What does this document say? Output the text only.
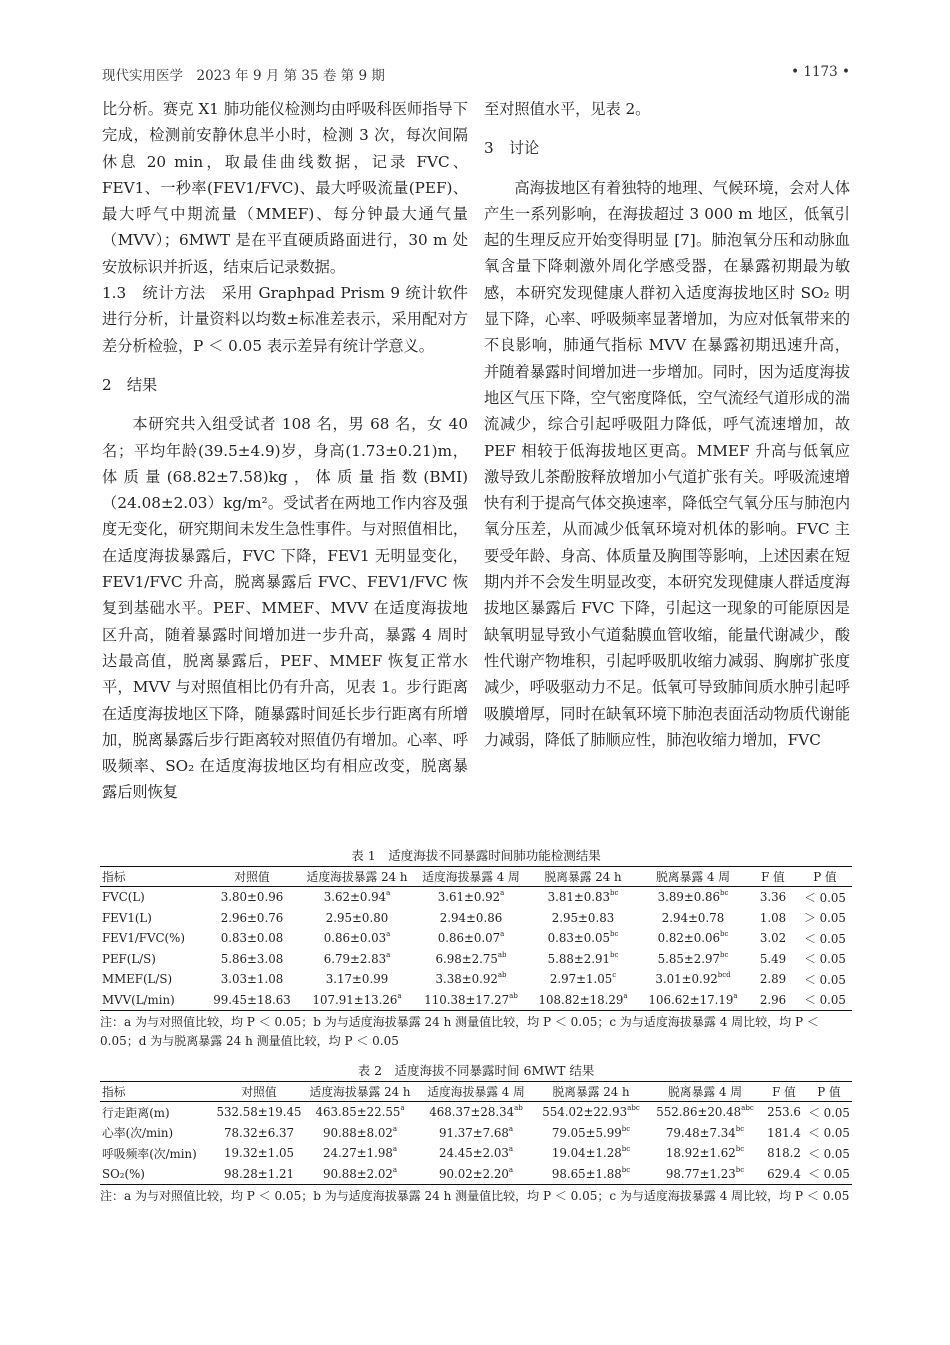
现代实用医学　2023 年 9 月 第 35 卷 第 9 期	• 1173 •

比分析。赛克 X1 肺功能仪检测均由呼吸科医师指导下完成，检测前安静休息半小时，检测 3 次，每次间隔休息 20 min，取最佳曲线数据，记录 FVC、FEV1、一秒率(FEV1/FVC)、最大呼吸流量(PEF)、最大呼气中期流量（MMEF)、每分钟最大通气量（MVV）；6MWT 是在平直硬质路面进行，30 m 处安放标识并折返，结束后记录数据。

1.3　统计方法　采用 Graphpad Prism 9 统计软件进行分析，计量资料以均数±标准差表示，采用配对方差分析检验，P ＜ 0.05 表示差异有统计学意义。

2　结果

本研究共入组受试者 108 名，男 68 名，女 40 名；平均年龄(39.5±4.9)岁，身高(1.73±0.21)m，体质量(68.82±7.58)kg，体质量指数(BMI)（24.08±2.03）kg/m²。受试者在两地工作内容及强度无变化，研究期间未发生急性事件。与对照值相比，在适度海拔暴露后，FVC 下降，FEV1 无明显变化，FEV1/FVC 升高，脱离暴露后 FVC、FEV1/FVC 恢复到基础水平。PEF、MMEF、MVV 在适度海拔地区升高，随着暴露时间增加进一步升高，暴露 4 周时达最高值，脱离暴露后，PEF、MMEF 恢复正常水平，MVV 与对照值相比仍有升高，见表 1。步行距离在适度海拔地区下降，随暴露时间延长步行距离有所增加，脱离暴露后步行距离较对照值仍有增加。心率、呼吸频率、SO₂ 在适度海拔地区均有相应改变，脱离暴露后则恢复

至对照值水平，见表 2。

3　讨论

高海拔地区有着独特的地理、气候环境，会对人体产生一系列影响，在海拔超过 3 000 m 地区，低氧引起的生理反应开始变得明显 [7]。肺泡氧分压和动脉血氧含量下降刺激外周化学感受器，在暴露初期最为敏感，本研究发现健康人群初入适度海拔地区时 SO₂ 明显下降，心率、呼吸频率显著增加，为应对低氧带来的不良影响，肺通气指标 MVV 在暴露初期迅速升高，并随着暴露时间增加进一步增加。同时，因为适度海拔地区气压下降，空气密度降低，空气流经气道形成的湍流减少，综合引起呼吸阻力降低，呼气流速增加，故 PEF 相较于低海拔地区更高。MMEF 升高与低氧应激导致儿茶酚胺释放增加小气道扩张有关。呼吸流速增快有利于提高气体交换速率，降低空气氧分压与肺泡内氧分压差，从而减少低氧环境对机体的影响。FVC 主要受年龄、身高、体质量及胸围等影响，上述因素在短期内并不会发生明显改变，本研究发现健康人群适度海拔地区暴露后 FVC 下降，引起这一现象的可能原因是缺氧明显导致小气道黏膜血管收缩，能量代谢减少，酸性代谢产物堆积，引起呼吸肌收缩力减弱、胸廓扩张度减少，呼吸驱动力不足。低氧可导致肺间质水肿引起呼吸膜增厚，同时在缺氧环境下肺泡表面活动物质代谢能力减弱，降低了肺顺应性，肺泡收缩力增加，FVC

表 1　适度海拔不同暴露时间肺功能检测结果
指标	对照值	适度海拔暴露 24 h	适度海拔暴露 4 周	脱离暴露 24 h	脱离暴露 4 周	F 值	P 值
FVC(L)	3.80±0.96	3.62±0.94$^a$	3.61±0.92$^a$	3.81±0.83$^{bc}$	3.89±0.86$^{bc}$	3.36	＜ 0.05
FEV1(L)	2.96±0.76	2.95±0.80	2.94±0.86	2.95±0.83	2.94±0.78	1.08	＞ 0.05
FEV1/FVC(%)	0.83±0.08	0.86±0.03$^a$	0.86±0.07$^a$	0.83±0.05$^{bc}$	0.82±0.06$^{bc}$	3.02	＜ 0.05
PEF(L/S)	5.86±3.08	6.79±2.83$^a$	6.98±2.75$^{ab}$	5.88±2.91$^{bc}$	5.85±2.97$^{bc}$	5.49	＜ 0.05
MMEF(L/S)	3.03±1.08	3.17±0.99	3.38±0.92$^{ab}$	2.97±1.05$^c$	3.01±0.92$^{bcd}$	2.89	＜ 0.05
MVV(L/min)	99.45±18.63	107.91±13.26$^a$	110.38±17.27$^{ab}$	108.82±18.29$^a$	106.62±17.19$^a$	2.96	＜ 0.05
注：a 为与对照值比较，均 P ＜ 0.05；b 为与适度海拔暴露 24 h 测量值比较，均 P ＜ 0.05；c 为与适度海拔暴露 4 周比较，均 P ＜ 0.05；d 为与脱离暴露 24 h 测量值比较，均 P ＜ 0.05
表 2　适度海拔不同暴露时间 6MWT 结果
指标	对照值	适度海拔暴露 24 h	适度海拔暴露 4 周	脱离暴露 24 h	脱离暴露 4 周	F 值	P 值
行走距离(m)	532.58±19.45	463.85±22.55$^a$	468.37±28.34$^{ab}$	554.02±22.93$^{abc}$	552.86±20.48$^{abc}$	253.6	＜ 0.05
心率(次/min)	78.32±6.37	90.88±8.02$^a$	91.37±7.68$^a$	79.05±5.99$^{bc}$	79.48±7.34$^{bc}$	181.4	＜ 0.05
呼吸频率(次/min)	19.32±1.05	24.27±1.98$^a$	24.45±2.03$^a$	19.04±1.28$^{bc}$	18.92±1.62$^{bc}$	818.2	＜ 0.05
SO₂(%)	98.28±1.21	90.88±2.02$^a$	90.02±2.20$^a$	98.65±1.88$^{bc}$	98.77±1.23$^{bc}$	629.4	＜ 0.05
注：a 为与对照值比较，均 P ＜ 0.05；b 为与适度海拔暴露 24 h 测量值比较，均 P ＜ 0.05；c 为与适度海拔暴露 4 周比较，均 P ＜ 0.05
